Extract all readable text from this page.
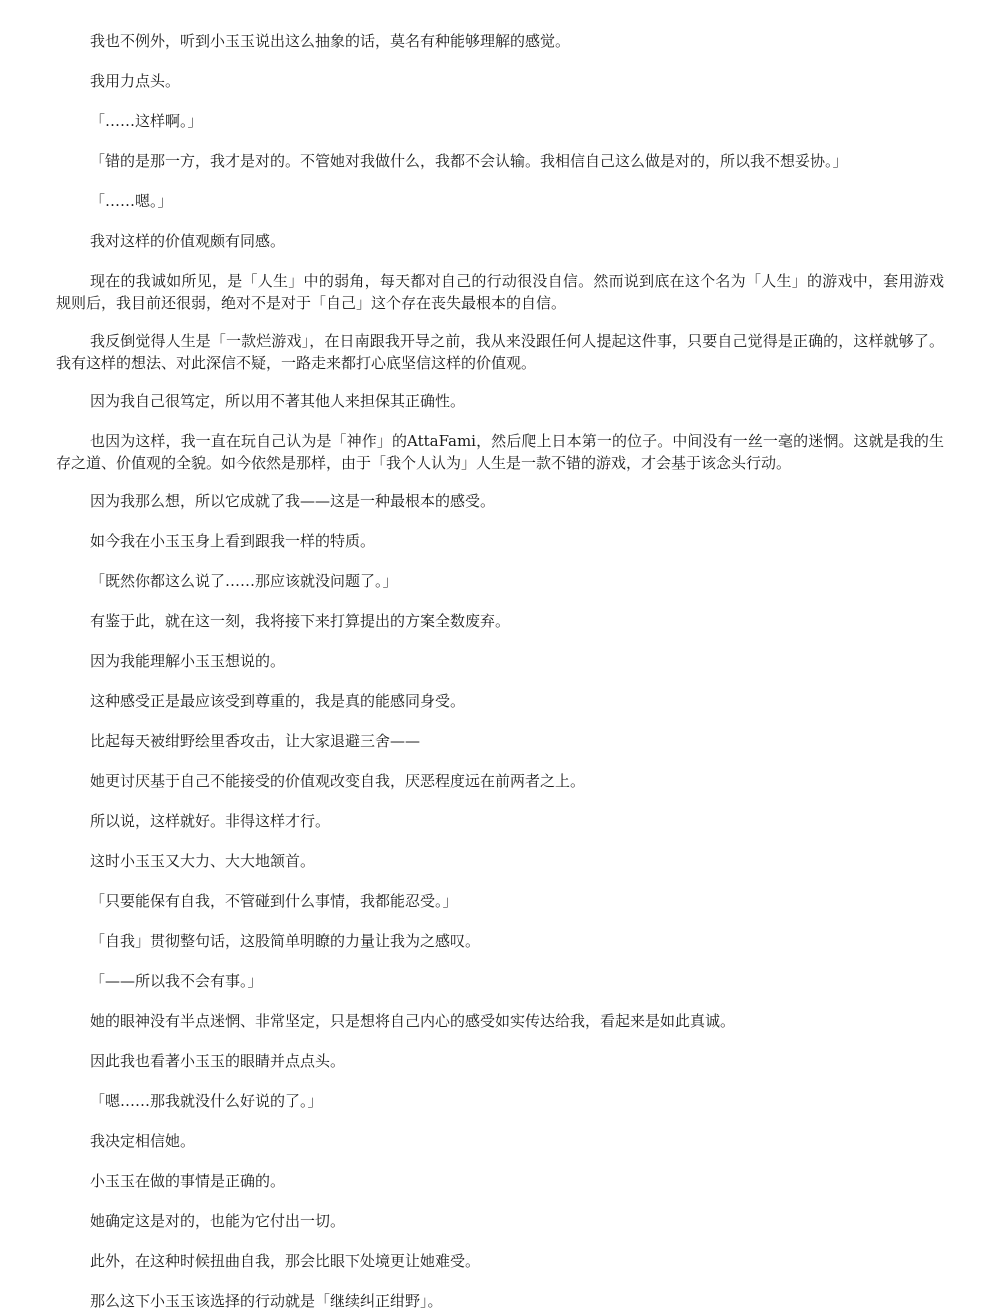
我也不例外，听到小玉玉说出这么抽象的话，莫名有种能够理解的感觉。

我用力点头。

「……这样啊。」

「错的是那一方，我才是对的。不管她对我做什么，我都不会认输。我相信自己这么做是对的，所以我不想妥协。」

「……嗯。」

我对这样的价值观颇有同感。

现在的我诚如所见，是「人生」中的弱角，每天都对自己的行动很没自信。然而说到底在这个名为「人生」的游戏中，套用游戏规则后，我目前还很弱，绝对不是对于「自己」这个存在丧失最根本的自信。

我反倒觉得人生是「一款烂游戏」，在日南跟我开导之前，我从来没跟任何人提起这件事，只要自己觉得是正确的，这样就够了。我有这样的想法、对此深信不疑，一路走来都打心底坚信这样的价值观。

因为我自己很笃定，所以用不著其他人来担保其正确性。

也因为这样，我一直在玩自己认为是「神作」的AttaFami，然后爬上日本第一的位子。中间没有一丝一毫的迷惘。这就是我的生存之道、价值观的全貌。如今依然是那样，由于「我个人认为」人生是一款不错的游戏，才会基于该念头行动。

因为我那么想，所以它成就了我——这是一种最根本的感受。

如今我在小玉玉身上看到跟我一样的特质。

「既然你都这么说了……那应该就没问题了。」

有鉴于此，就在这一刻，我将接下来打算提出的方案全数废弃。

因为我能理解小玉玉想说的。

这种感受正是最应该受到尊重的，我是真的能感同身受。

比起每天被绀野绘里香攻击，让大家退避三舍——

她更讨厌基于自己不能接受的价值观改变自我，厌恶程度远在前两者之上。

所以说，这样就好。非得这样才行。

这时小玉玉又大力、大大地颔首。

「只要能保有自我，不管碰到什么事情，我都能忍受。」

「自我」贯彻整句话，这股简单明瞭的力量让我为之感叹。

「——所以我不会有事。」

她的眼神没有半点迷惘、非常坚定，只是想将自己内心的感受如实传达给我，看起来是如此真诚。

因此我也看著小玉玉的眼睛并点点头。

「嗯……那我就没什么好说的了。」

我决定相信她。

小玉玉在做的事情是正确的。

她确定这是对的，也能为它付出一切。

此外，在这种时候扭曲自我，那会比眼下处境更让她难受。

那么这下小玉玉该选择的行动就是「继续纠正绀野」。
